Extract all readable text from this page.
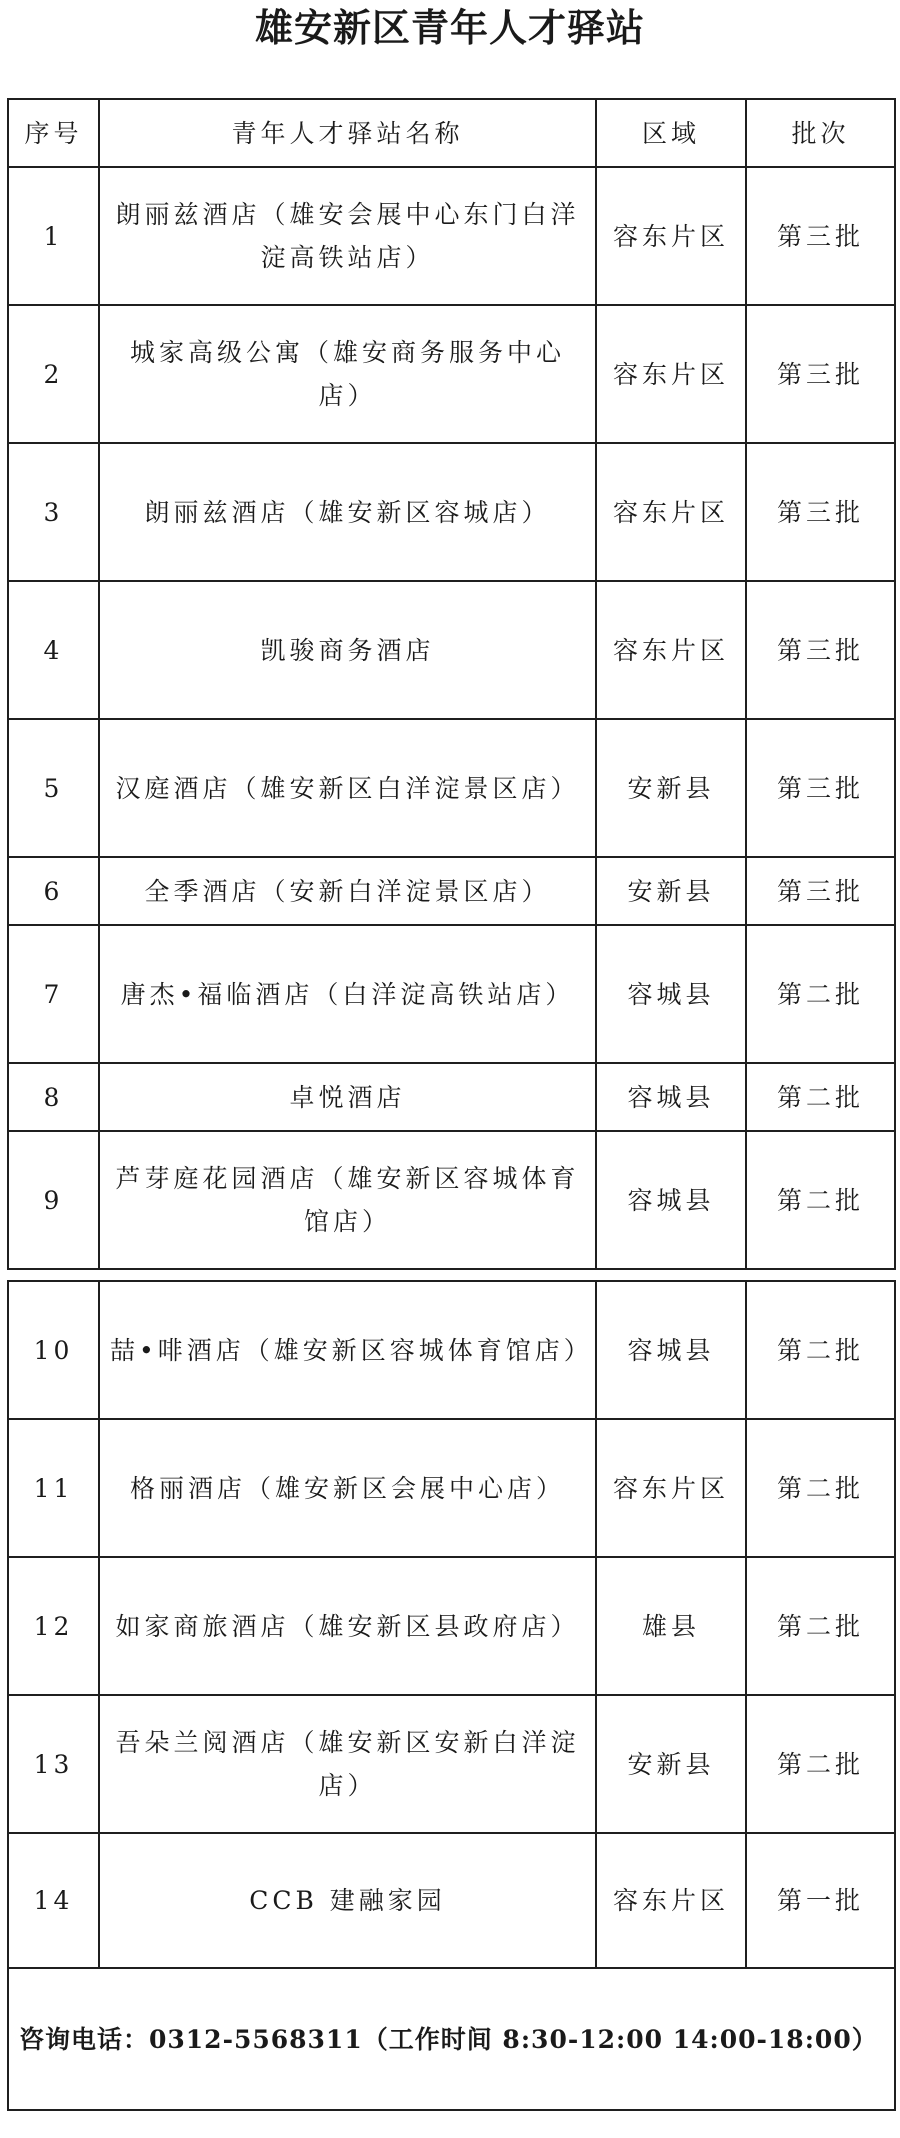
雄安新区青年人才驿站
序号	青年人才驿站名称	区域	批次
1	朗丽兹酒店（雄安会展中心东门白洋淀高铁站店）	容东片区	第三批
2	城家高级公寓（雄安商务服务中心店）	容东片区	第三批
3	朗丽兹酒店（雄安新区容城店）	容东片区	第三批
4	凯骏商务酒店	容东片区	第三批
5	汉庭酒店（雄安新区白洋淀景区店）	安新县	第三批
6	全季酒店（安新白洋淀景区店）	安新县	第三批
7	唐杰•福临酒店（白洋淀高铁站店）	容城县	第二批
8	卓悦酒店	容城县	第二批
9	芦芽庭花园酒店（雄安新区容城体育馆店）	容城县	第二批

10	喆•啡酒店（雄安新区容城体育馆店）	容城县	第二批
11	格丽酒店（雄安新区会展中心店）	容东片区	第二批
12	如家商旅酒店（雄安新区县政府店）	雄县	第二批
13	吾朵兰阅酒店（雄安新区安新白洋淀店）	安新县	第二批
14	CCB 建融家园	容东片区	第一批
咨询电话：0312-5568311（工作时间 8:30-12:00 14:00-18:00）			
